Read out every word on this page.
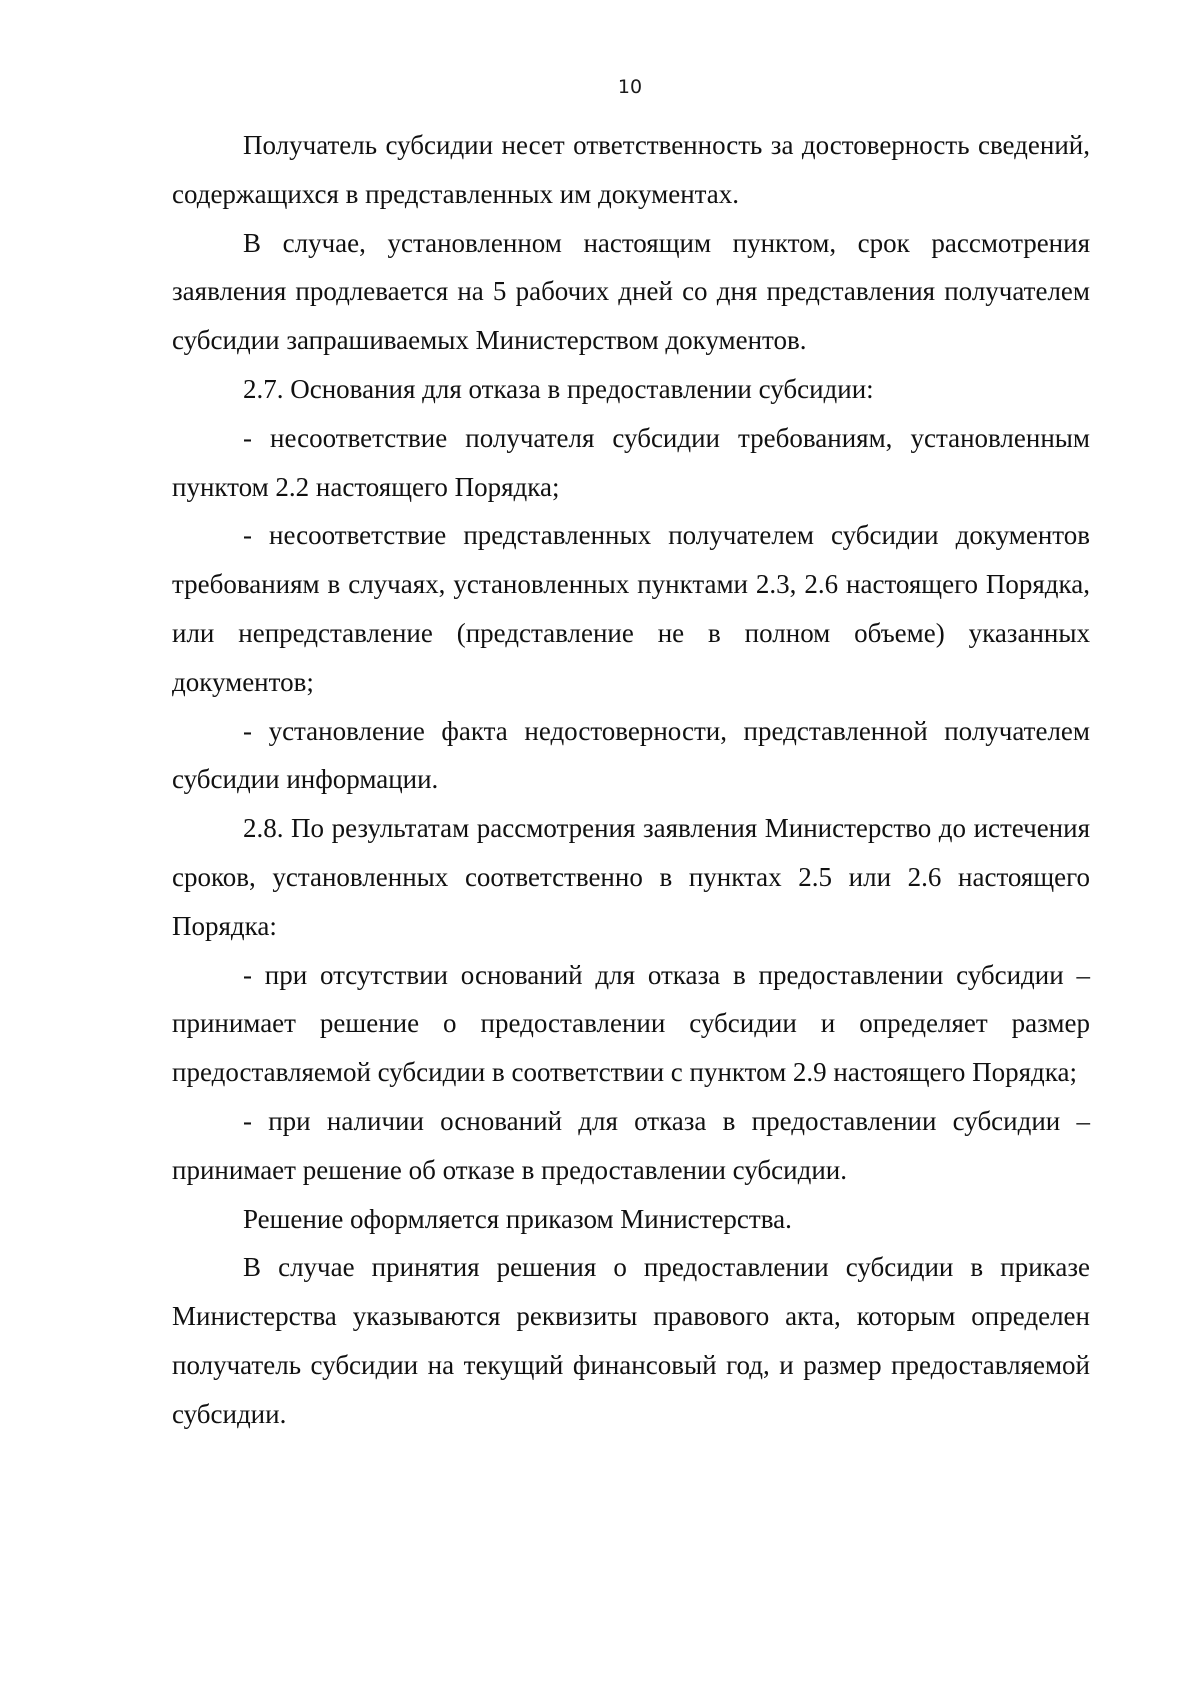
10

Получатель субсидии несет ответственность за достоверность сведений, содержащихся в представленных им документах.

В случае, установленном настоящим пунктом, срок рассмотрения заявления продлевается на 5 рабочих дней со дня представления получателем субсидии запрашиваемых Министерством документов.

2.7. Основания для отказа в предоставлении субсидии:

- несоответствие получателя субсидии требованиям, установленным пунктом 2.2 настоящего Порядка;

- несоответствие представленных получателем субсидии документов требованиям в случаях, установленных пунктами 2.3, 2.6 настоящего Порядка, или непредставление (представление не в полном объеме) указанных документов;

- установление факта недостоверности, представленной получателем субсидии информации.

2.8. По результатам рассмотрения заявления Министерство до истечения сроков, установленных соответственно в пунктах 2.5 или 2.6 настоящего Порядка:

- при отсутствии оснований для отказа в предоставлении субсидии – принимает решение о предоставлении субсидии и определяет размер предоставляемой субсидии в соответствии с пунктом 2.9 настоящего Порядка;

- при наличии оснований для отказа в предоставлении субсидии – принимает решение об отказе в предоставлении субсидии.

Решение оформляется приказом Министерства.

В случае принятия решения о предоставлении субсидии в приказе Министерства указываются реквизиты правового акта, которым определен получатель субсидии на текущий финансовый год, и размер предоставляемой субсидии.
